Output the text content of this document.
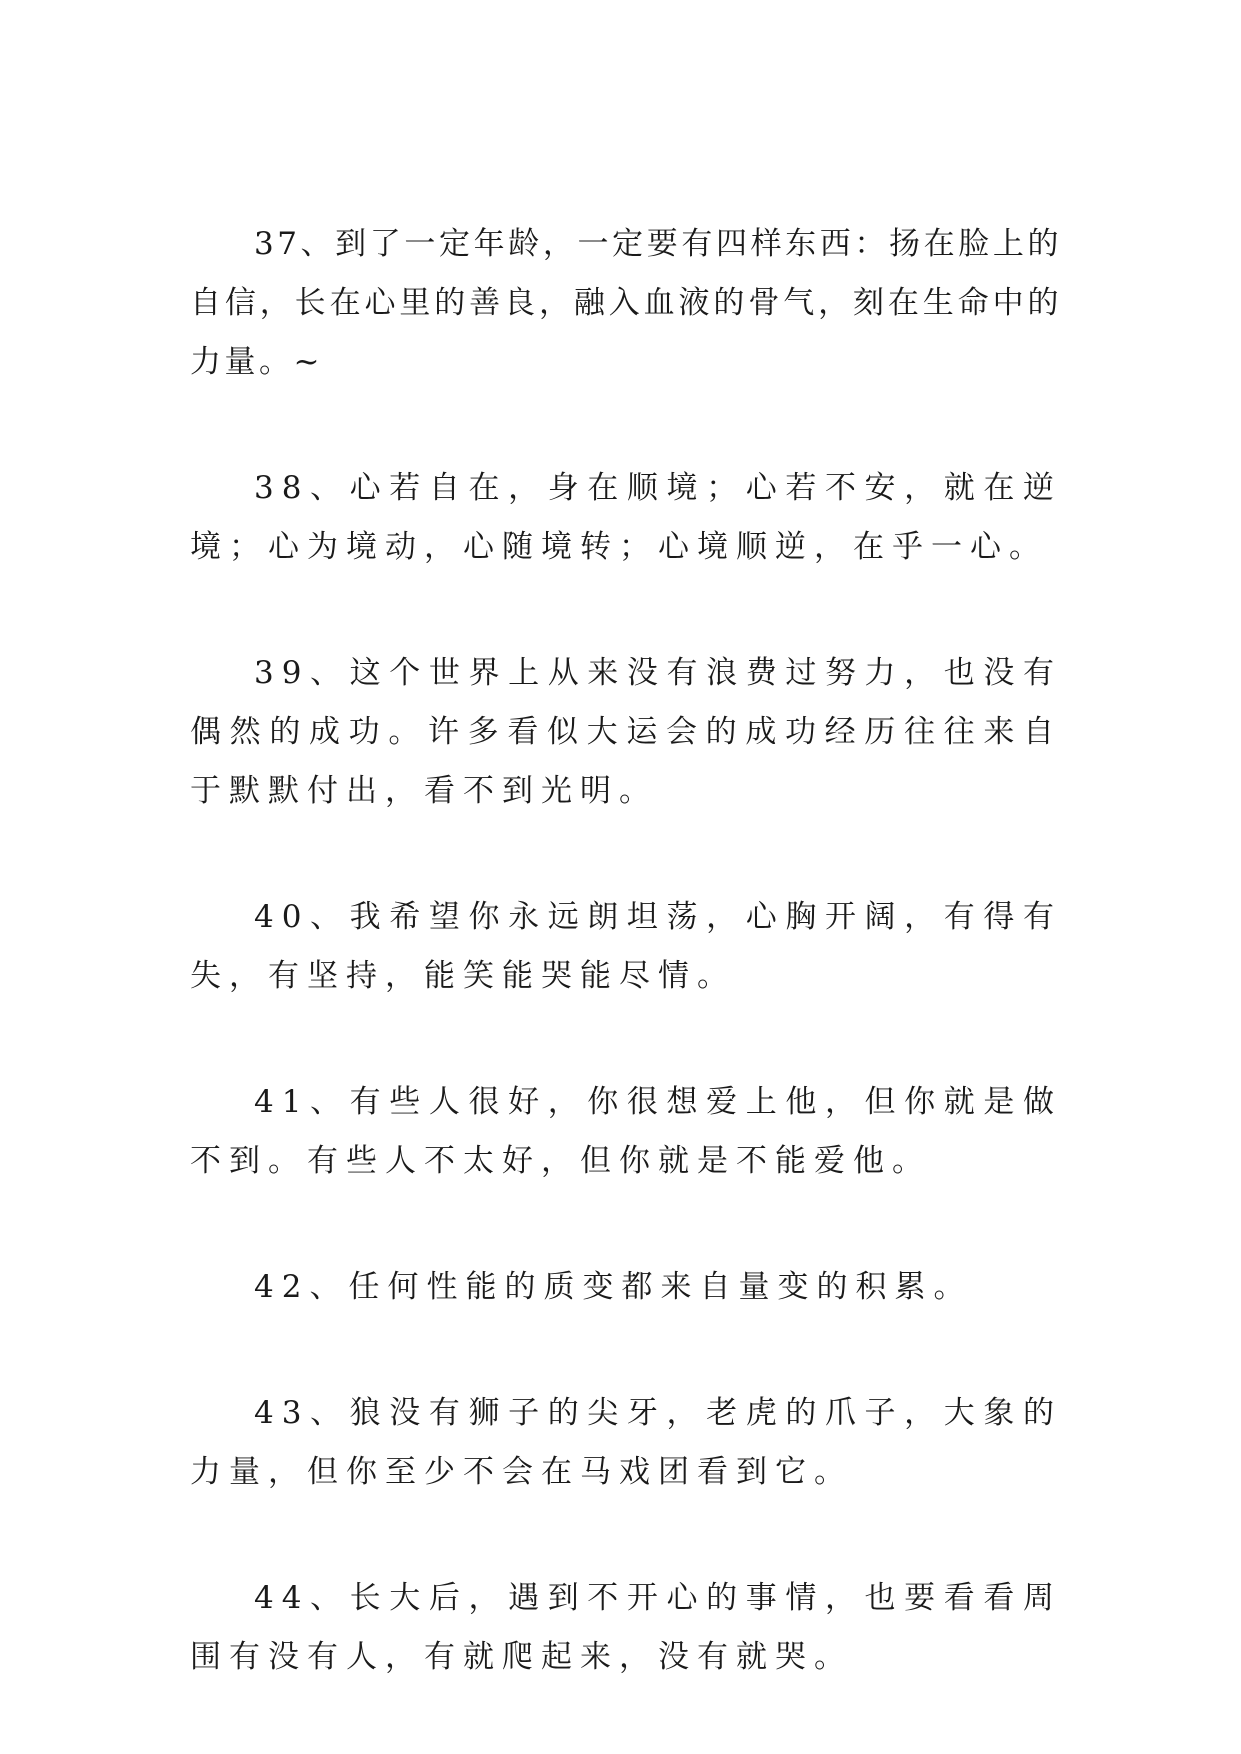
37、到了一定年龄，一定要有四样东西：扬在脸上的自信，长在心里的善良，融入血液的骨气，刻在生命中的力量。~

38、心若自在，身在顺境；心若不安，就在逆境；心为境动，心随境转；心境顺逆，在乎一心。

39、这个世界上从来没有浪费过努力，也没有偶然的成功。许多看似大运会的成功经历往往来自于默默付出，看不到光明。

40、我希望你永远朗坦荡，心胸开阔，有得有失，有坚持，能笑能哭能尽情。

41、有些人很好，你很想爱上他，但你就是做不到。有些人不太好，但你就是不能爱他。

42、任何性能的质变都来自量变的积累。

43、狼没有狮子的尖牙，老虎的爪子，大象的力量，但你至少不会在马戏团看到它。

44、长大后，遇到不开心的事情，也要看看周围有没有人，有就爬起来，没有就哭。
